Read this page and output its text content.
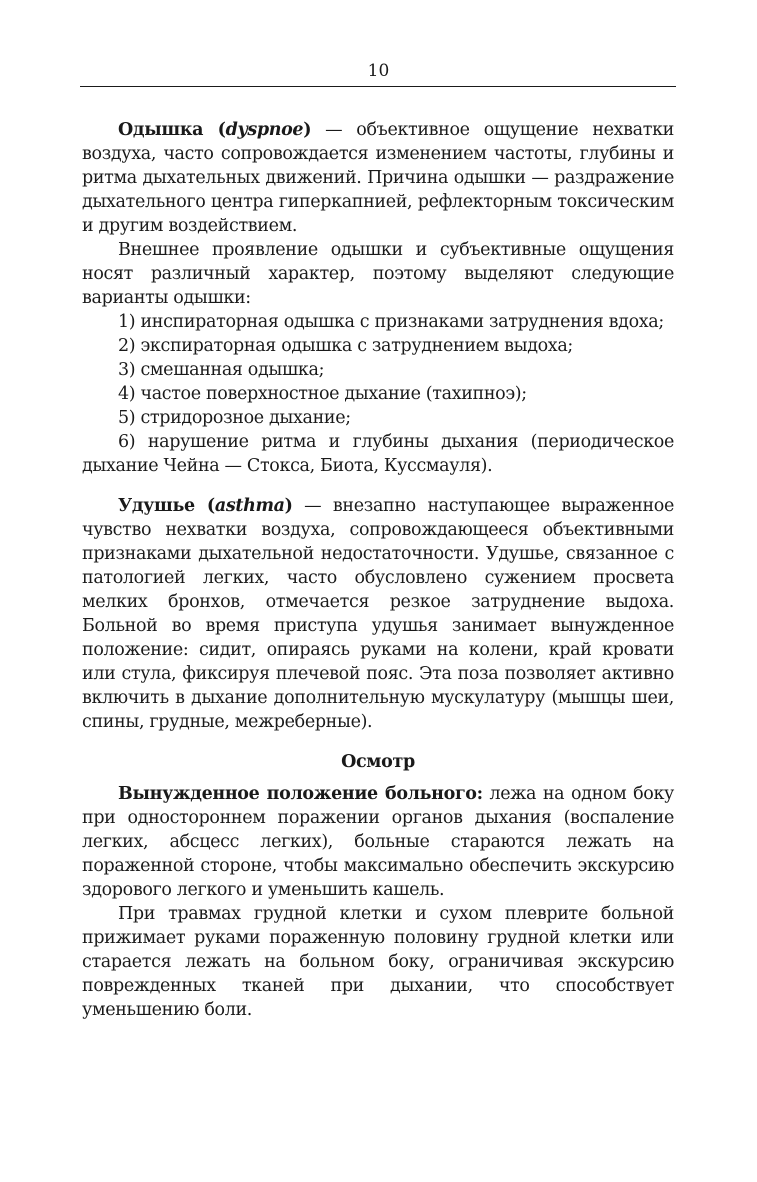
10

Одышка (dyspnoe) — объективное ощущение нехватки воздуха, часто сопровождается изменением частоты, глубины и ритма дыхательных движений. Причина одышки — раздражение дыхательного центра гиперкапнией, рефлекторным токсическим и другим воздействием.

Внешнее проявление одышки и субъективные ощущения носят различный характер, поэтому выделяют следующие варианты одышки:

1) инспираторная одышка с признаками затруднения вдоха;
2) экспираторная одышка с затруднением выдоха;
3) смешанная одышка;
4) частое поверхностное дыхание (тахипноэ);
5) стридорозное дыхание;
6) нарушение ритма и глубины дыхания (периодическое дыхание Чейна — Стокса, Биота, Куссмауля).

Удушье (asthma) — внезапно наступающее выраженное чувство нехватки воздуха, сопровождающееся объективными признаками дыхательной недостаточности. Удушье, связанное с патологией легких, часто обусловлено сужением просвета мелких бронхов, отмечается резкое затруднение выдоха. Больной во время приступа удушья занимает вынужденное положение: сидит, опираясь руками на колени, край кровати или стула, фиксируя плечевой пояс. Эта поза позволяет активно включить в дыхание дополнительную мускулатуру (мышцы шеи, спины, грудные, межреберные).

Осмотр

Вынужденное положение больного: лежа на одном боку при одностороннем поражении органов дыхания (воспаление легких, абсцесс легких), больные стараются лежать на пораженной стороне, чтобы максимально обеспечить экскурсию здорового легкого и уменьшить кашель.

При травмах грудной клетки и сухом плеврите больной прижимает руками пораженную половину грудной клетки или старается лежать на больном боку, ограничивая экскурсию поврежденных тканей при дыхании, что способствует уменьшению боли.
